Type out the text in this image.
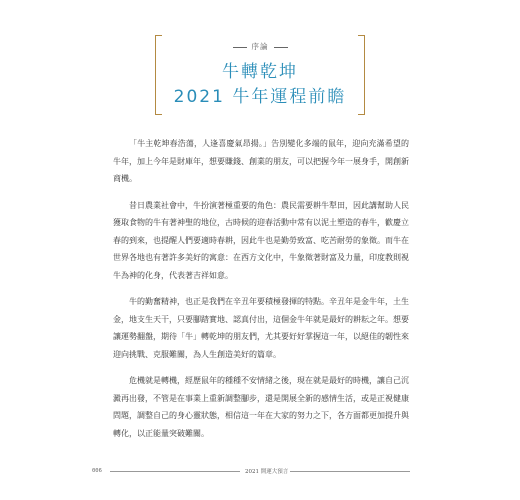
序論
牛轉乾坤
2021 牛年運程前瞻

「牛主乾坤春浩蕩，人逢喜慶氣昂揚。」告別變化多端的鼠年，迎向充滿希望的牛年，加上今年是財庫年，想要賺錢、創業的朋友，可以把握今年一展身手，開創新商機。

昔日農業社會中，牛扮演著極重要的角色：農民需要耕牛犁田，因此講幫助人民獲取食物的牛有著神聖的地位，古時候的迎春活動中常有以泥土塑造的春牛，歡慶立春的到來，也提醒人們要適時春耕，因此牛也是勤勞致富、吃苦耐勞的象徵。而牛在世界各地也有著許多美好的寓意：在西方文化中，牛象徵著財富及力量，印度教則視牛為神的化身，代表著吉祥如意。

牛的勤奮精神，也正是我們在辛丑年要積極發揮的特點。辛丑年是金牛年，土生金，地支生天干，只要腳踏實地、認真付出，這個金牛年就是最好的耕耘之年。想要讓運勢翻盤，期待「牛」轉乾坤的朋友們，尤其要好好掌握這一年，以絕佳的韌性來迎向挑戰、克服難關，為人生創造美好的篇章。

危機就是轉機，經歷鼠年的種種不安情緒之後，現在就是最好的時機，讓自己沉澱再出發，不管是在事業上重新調整腳步，還是開展全新的感情生活，或是正視健康問題，調整自己的身心靈狀態，相信這一年在大家的努力之下，各方面都更加提升與轉化，以正能量突破難關。

006	2021 開運大預言
